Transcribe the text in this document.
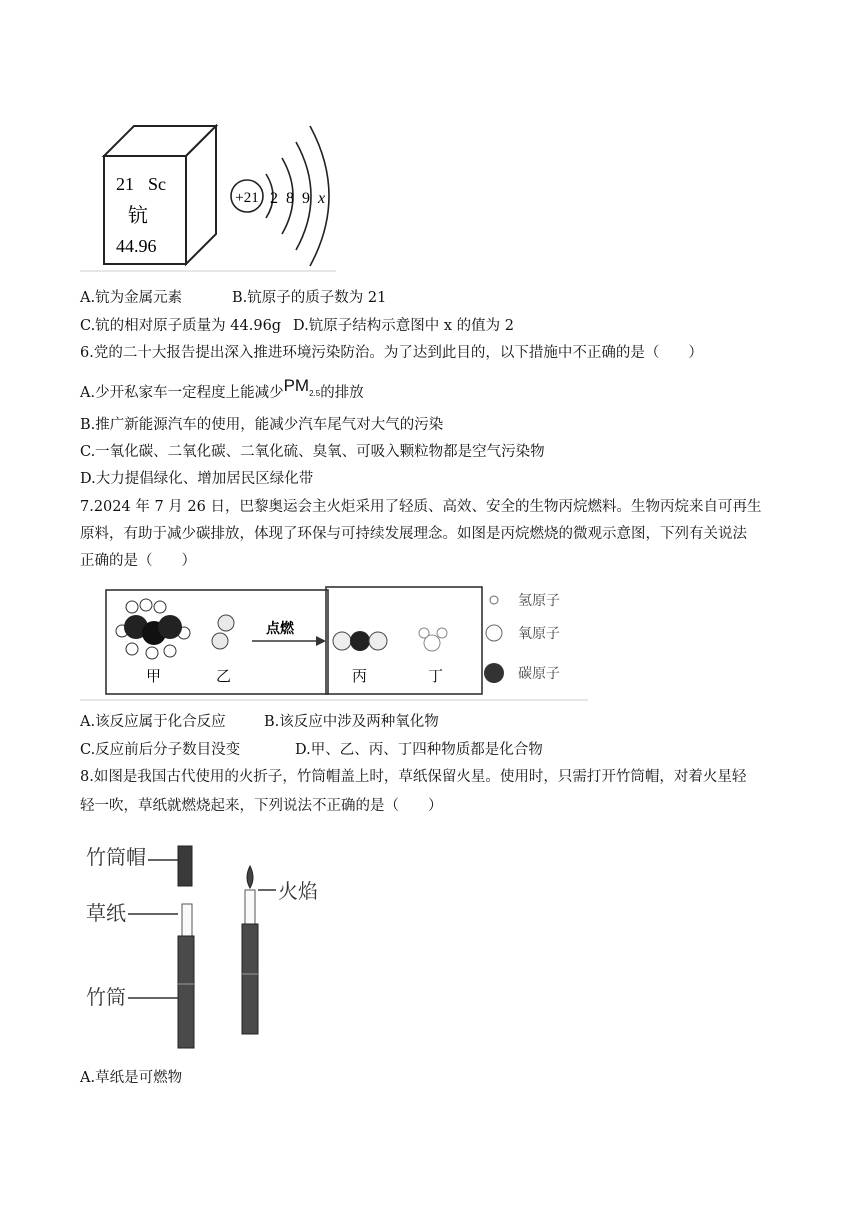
21 Sc
钪
44.96
+21 2 8 9 x
A.钪为金属元素	B.钪原子的质子数为 21
C.钪的相对原子质量为 44.96g D.钪原子结构示意图中 x 的值为 2
6.党的二十大报告提出深入推进环境污染防治。为了达到此目的，以下措施中不正确的是（　　）
A.少开私家车一定程度上能减少PM2.5的排放
B.推广新能源汽车的使用，能减少汽车尾气对大气的污染
C.一氧化碳、二氧化碳、二氧化硫、臭氧、可吸入颗粒物都是空气污染物
D.大力提倡绿化、增加居民区绿化带
7.2024 年 7 月 26 日，巴黎奥运会主火炬采用了轻质、高效、安全的生物丙烷燃料。生物丙烷来自可再生
原料，有助于减少碳排放，体现了环保与可持续发展理念。如图是丙烷燃烧的微观示意图，下列有关说法
正确的是（　　）
甲	乙
点燃
丙	丁
氢原子
氧原子
碳原子
A.该反应属于化合反应	B.该反应中涉及两种氧化物
C.反应前后分子数目没变	D.甲、乙、丙、丁四种物质都是化合物
8.如图是我国古代使用的火折子，竹筒帽盖上时，草纸保留火星。使用时，只需打开竹筒帽，对着火星轻
轻一吹，草纸就燃烧起来，下列说法不正确的是（　　）
竹筒帽
草纸
竹筒
火焰
A.草纸是可燃物
